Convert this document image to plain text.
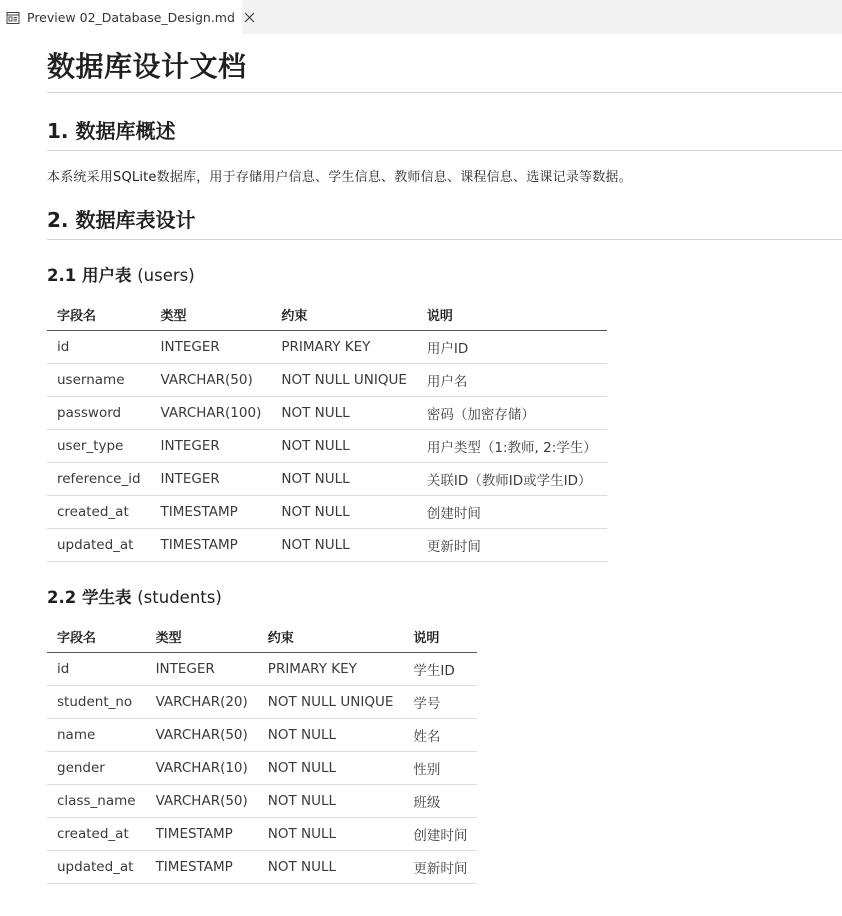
Preview 02_Database_Design.md
数据库设计文档
1. 数据库概述

本系统采用SQLite数据库，用于存储用户信息、学生信息、教师信息、课程信息、选课记录等数据。

2. 数据库表设计
2.1 用户表 (users)
字段名	类型	约束	说明
id	INTEGER	PRIMARY KEY	用户ID
username	VARCHAR(50)	NOT NULL UNIQUE	用户名
password	VARCHAR(100)	NOT NULL	密码（加密存储）
user_type	INTEGER	NOT NULL	用户类型（1:教师, 2:学生）
reference_id	INTEGER	NOT NULL	关联ID（教师ID或学生ID）
created_at	TIMESTAMP	NOT NULL	创建时间
updated_at	TIMESTAMP	NOT NULL	更新时间
2.2 学生表 (students)
字段名	类型	约束	说明
id	INTEGER	PRIMARY KEY	学生ID
student_no	VARCHAR(20)	NOT NULL UNIQUE	学号
name	VARCHAR(50)	NOT NULL	姓名
gender	VARCHAR(10)	NOT NULL	性别
class_name	VARCHAR(50)	NOT NULL	班级
created_at	TIMESTAMP	NOT NULL	创建时间
updated_at	TIMESTAMP	NOT NULL	更新时间
